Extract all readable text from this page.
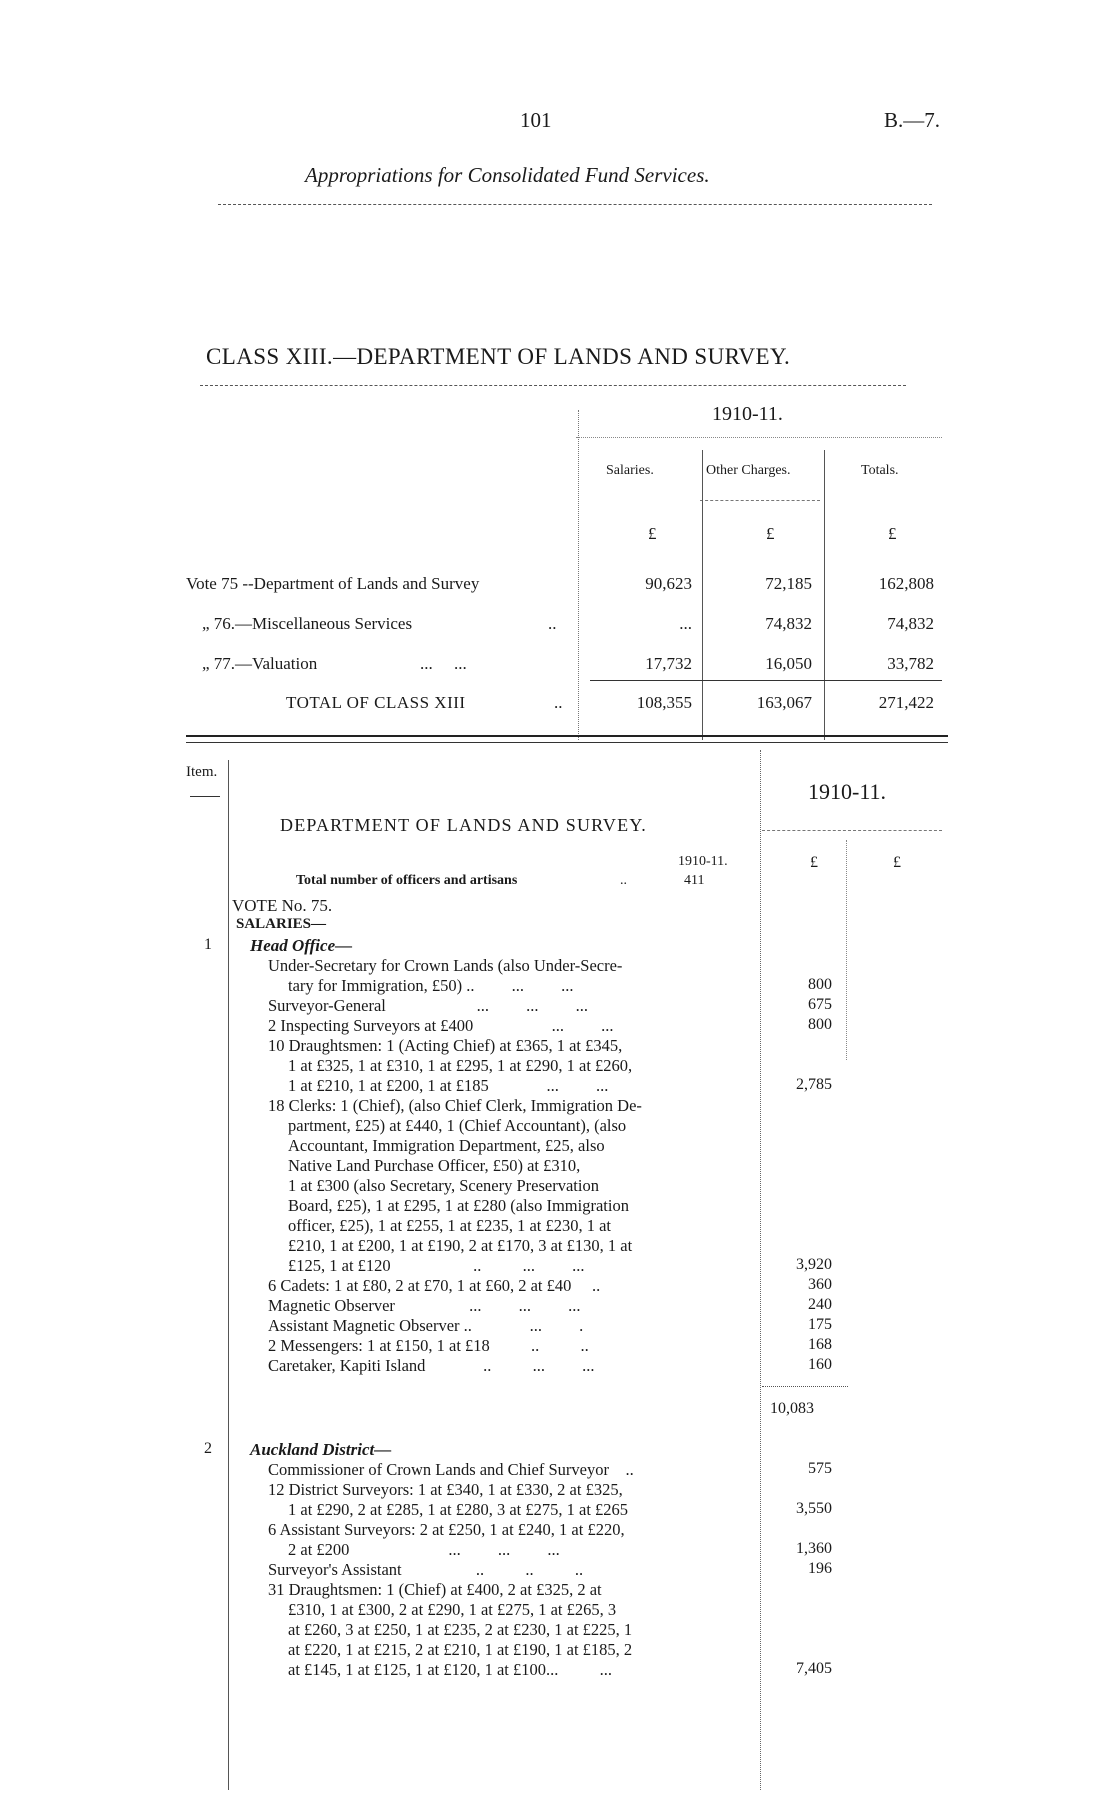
101	B.—7.
Appropriations for Consolidated Fund Services.
CLASS XIII.—DEPARTMENT OF LANDS AND SURVEY.
1910-11.
Salaries.	Other Charges.	Totals.
£	£	£
Vote 75 --Department of Lands and Survey	90,623	72,185	162,808
„ 76.—Miscellaneous Services	..	...	74,832	74,832
„ 77.—Valuation	...     ...	17,732	16,050	33,782
TOTAL OF CLASS XIII	..	108,355	163,067	271,422
Item.
1910-11.
DEPARTMENT OF LANDS AND SURVEY.
1910-11.
Total number of officers and artisans	..	411
£	£
VOTE No. 75.
SALARIES—
1 Head Office—
Under-Secretary for Crown Lands (also Under-Secre-
tary for Immigration, £50) ..         ...         ...	800
Surveyor-General                      ...         ...         ...	675
2 Inspecting Surveyors at £400                   ...         ...	800
10 Draughtsmen: 1 (Acting Chief) at £365, 1 at £345,
1 at £325, 1 at £310, 1 at £295, 1 at £290, 1 at £260,
1 at £210, 1 at £200, 1 at £185              ...         ...	2,785
18 Clerks: 1 (Chief), (also Chief Clerk, Immigration De-
partment, £25) at £440, 1 (Chief Accountant), (also
Accountant, Immigration Department, £25, also
Native Land Purchase Officer, £50) at £310,
1 at £300 (also Secretary, Scenery Preservation
Board, £25), 1 at £295, 1 at £280 (also Immigration
officer, £25), 1 at £255, 1 at £235, 1 at £230, 1 at
£210, 1 at £200, 1 at £190, 2 at £170, 3 at £130, 1 at
£125, 1 at £120                    ..          ...         ...	3,920
6 Cadets: 1 at £80, 2 at £70, 1 at £60, 2 at £40     ..	360
Magnetic Observer                  ...         ...         ...	240
Assistant Magnetic Observer ..              ...         .	175
2 Messengers: 1 at £150, 1 at £18          ..          ..	168
Caretaker, Kapiti Island              ..          ...         ...	160
10,083
2 Auckland District—
Commissioner of Crown Lands and Chief Surveyor    ..	575
12 District Surveyors: 1 at £340, 1 at £330, 2 at £325,
1 at £290, 2 at £285, 1 at £280, 3 at £275, 1 at £265	3,550
6 Assistant Surveyors: 2 at £250, 1 at £240, 1 at £220,
2 at £200                        ...         ...         ...	1,360
Surveyor's Assistant                  ..          ..          ..	196
31 Draughtsmen: 1 (Chief) at £400, 2 at £325, 2 at
£310, 1 at £300, 2 at £290, 1 at £275, 1 at £265, 3
at £260, 3 at £250, 1 at £235, 2 at £230, 1 at £225, 1
at £220, 1 at £215, 2 at £210, 1 at £190, 1 at £185, 2
at £145, 1 at £125, 1 at £120, 1 at £100...          ...	7,405
